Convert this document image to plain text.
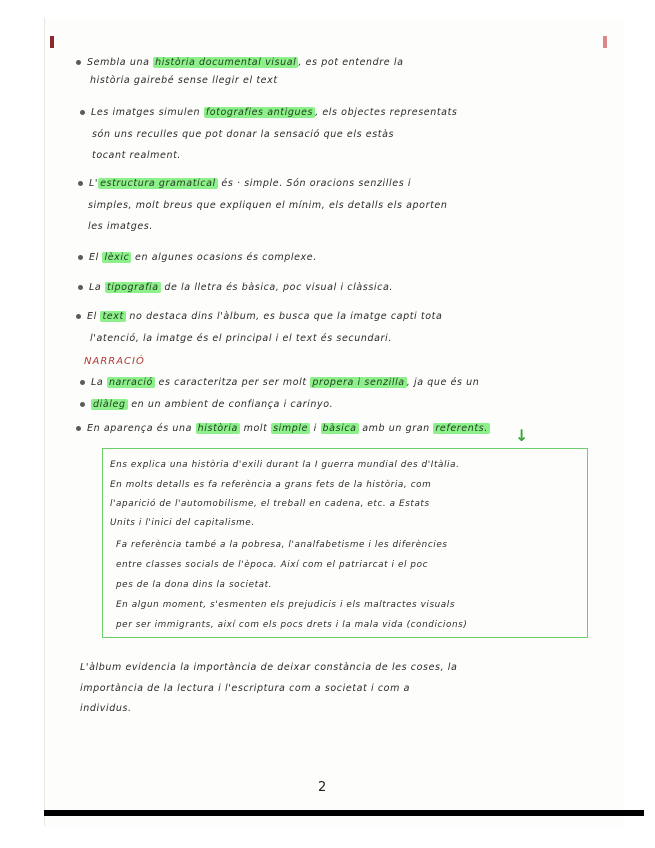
Sembla una història documental visual , es pot entendre la
història gairebé sense llegir el text
Les imatges simulen fotografies antigues , els objectes representats
són uns reculles que pot donar la sensació que els estàs
tocant realment.
L' estructura gramatical és · simple. Són oracions senzilles i
simples, molt breus que expliquen el mínim, els detalls els aporten
les imatges.
El lèxic en algunes ocasions és complexe.
La tipografia de la lletra és bàsica, poc visual i clàssica.
El text no destaca dins l'àlbum, es busca que la imatge capti tota
l'atenció, la imatge és el principal i el text és secundari.
NARRACIÓ
La narració es caracteritza per ser molt propera i senzilla , ja que és un
diàleg en un ambient de confiança i carinyo.
En aparença és una història molt simple i bàsica amb un gran referents. ↓
Ens explica una història d'exili durant la I guerra mundial des d'Itàlia.
En molts detalls es fa referència a grans fets de la història, com
l'aparició de l'automobilisme, el treball en cadena, etc. a Estats
Units i l'inici del capitalisme.
Fa referència també a la pobresa, l'analfabetisme i les diferències
entre classes socials de l'època. Així com el patriarcat i el poc
pes de la dona dins la societat.
En algun moment, s'esmenten els prejudicis i els maltractes visuals
per ser immigrants, així com els pocs drets i la mala vida (condicions)
L'àlbum evidencia la importància de deixar constància de les coses, la
importància de la lectura i l'escriptura com a societat i com a
individus.
2
